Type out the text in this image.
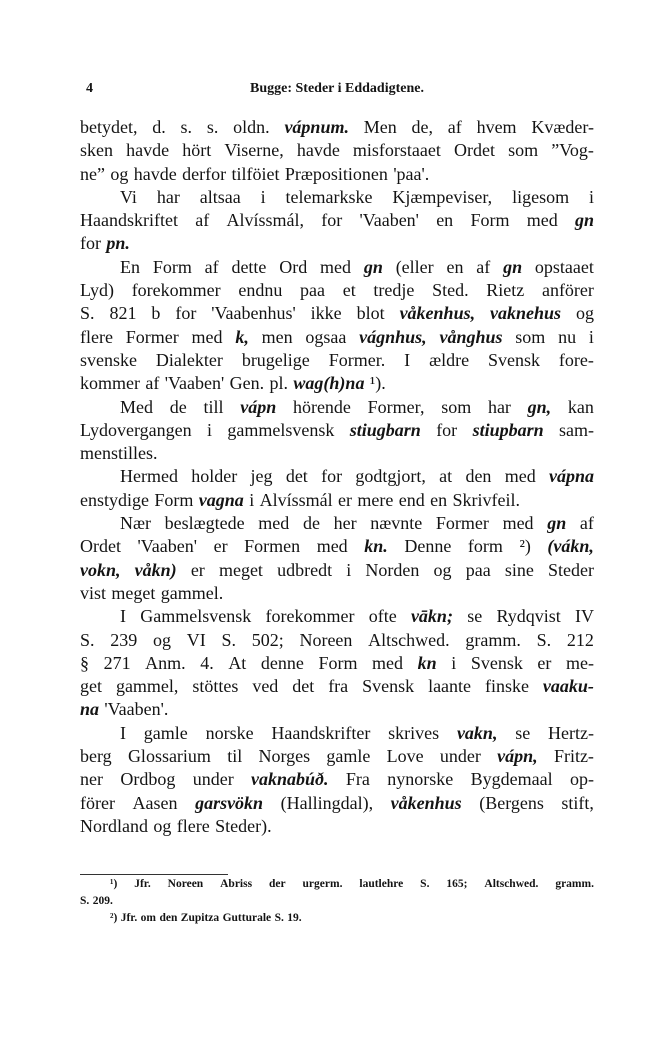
4	Bugge: Steder i Eddadigtene.
betydet, d. s. s. oldn. vápnum. Men de, af hvem Kvæder-
sken havde hört Viserne, havde misforstaaet Ordet som ”Vog-
ne” og havde derfor tilföiet Præpositionen 'paa'.
Vi har altsaa i telemarkske Kjæmpeviser, ligesom i
Haandskriftet af Alvíssmál, for 'Vaaben' en Form med gn
for pn.
En Form af dette Ord med gn (eller en af gn opstaaet
Lyd) forekommer endnu paa et tredje Sted. Rietz anförer
S. 821 b for 'Vaabenhus' ikke blot våkenhus, vaknehus og
flere Former med k, men ogsaa vágnhus, vånghus som nu i
svenske Dialekter brugelige Former. I ældre Svensk fore-
kommer af 'Vaaben' Gen. pl. wag(h)na ¹).
Med de till vápn hörende Former, som har gn, kan
Lydovergangen i gammelsvensk stiugbarn for stiupbarn sam-
menstilles.
Hermed holder jeg det for godtgjort, at den med vápna
enstydige Form vagna i Alvíssmál er mere end en Skrivfeil.
Nær beslægtede med de her nævnte Former med gn af
Ordet 'Vaaben' er Formen med kn. Denne form ²) (vákn,
vokn, våkn) er meget udbredt i Norden og paa sine Steder
vist meget gammel.
I Gammelsvensk forekommer ofte vākn; se Rydqvist IV
S. 239 og VI S. 502; Noreen Altschwed. gramm. S. 212
§ 271 Anm. 4. At denne Form med kn i Svensk er me-
get gammel, stöttes ved det fra Svensk laante finske vaaku-
na 'Vaaben'.
I gamle norske Haandskrifter skrives vakn, se Hertz-
berg Glossarium til Norges gamle Love under vápn, Fritz-
ner Ordbog under vaknabúð. Fra nynorske Bygdemaal op-
förer Aasen garsvökn (Hallingdal), våkenhus (Bergens stift,
Nordland og flere Steder).
¹) Jfr. Noreen Abriss der urgerm. lautlehre S. 165; Altschwed. gramm.
S. 209.
²) Jfr. om den Zupitza Gutturale S. 19.
